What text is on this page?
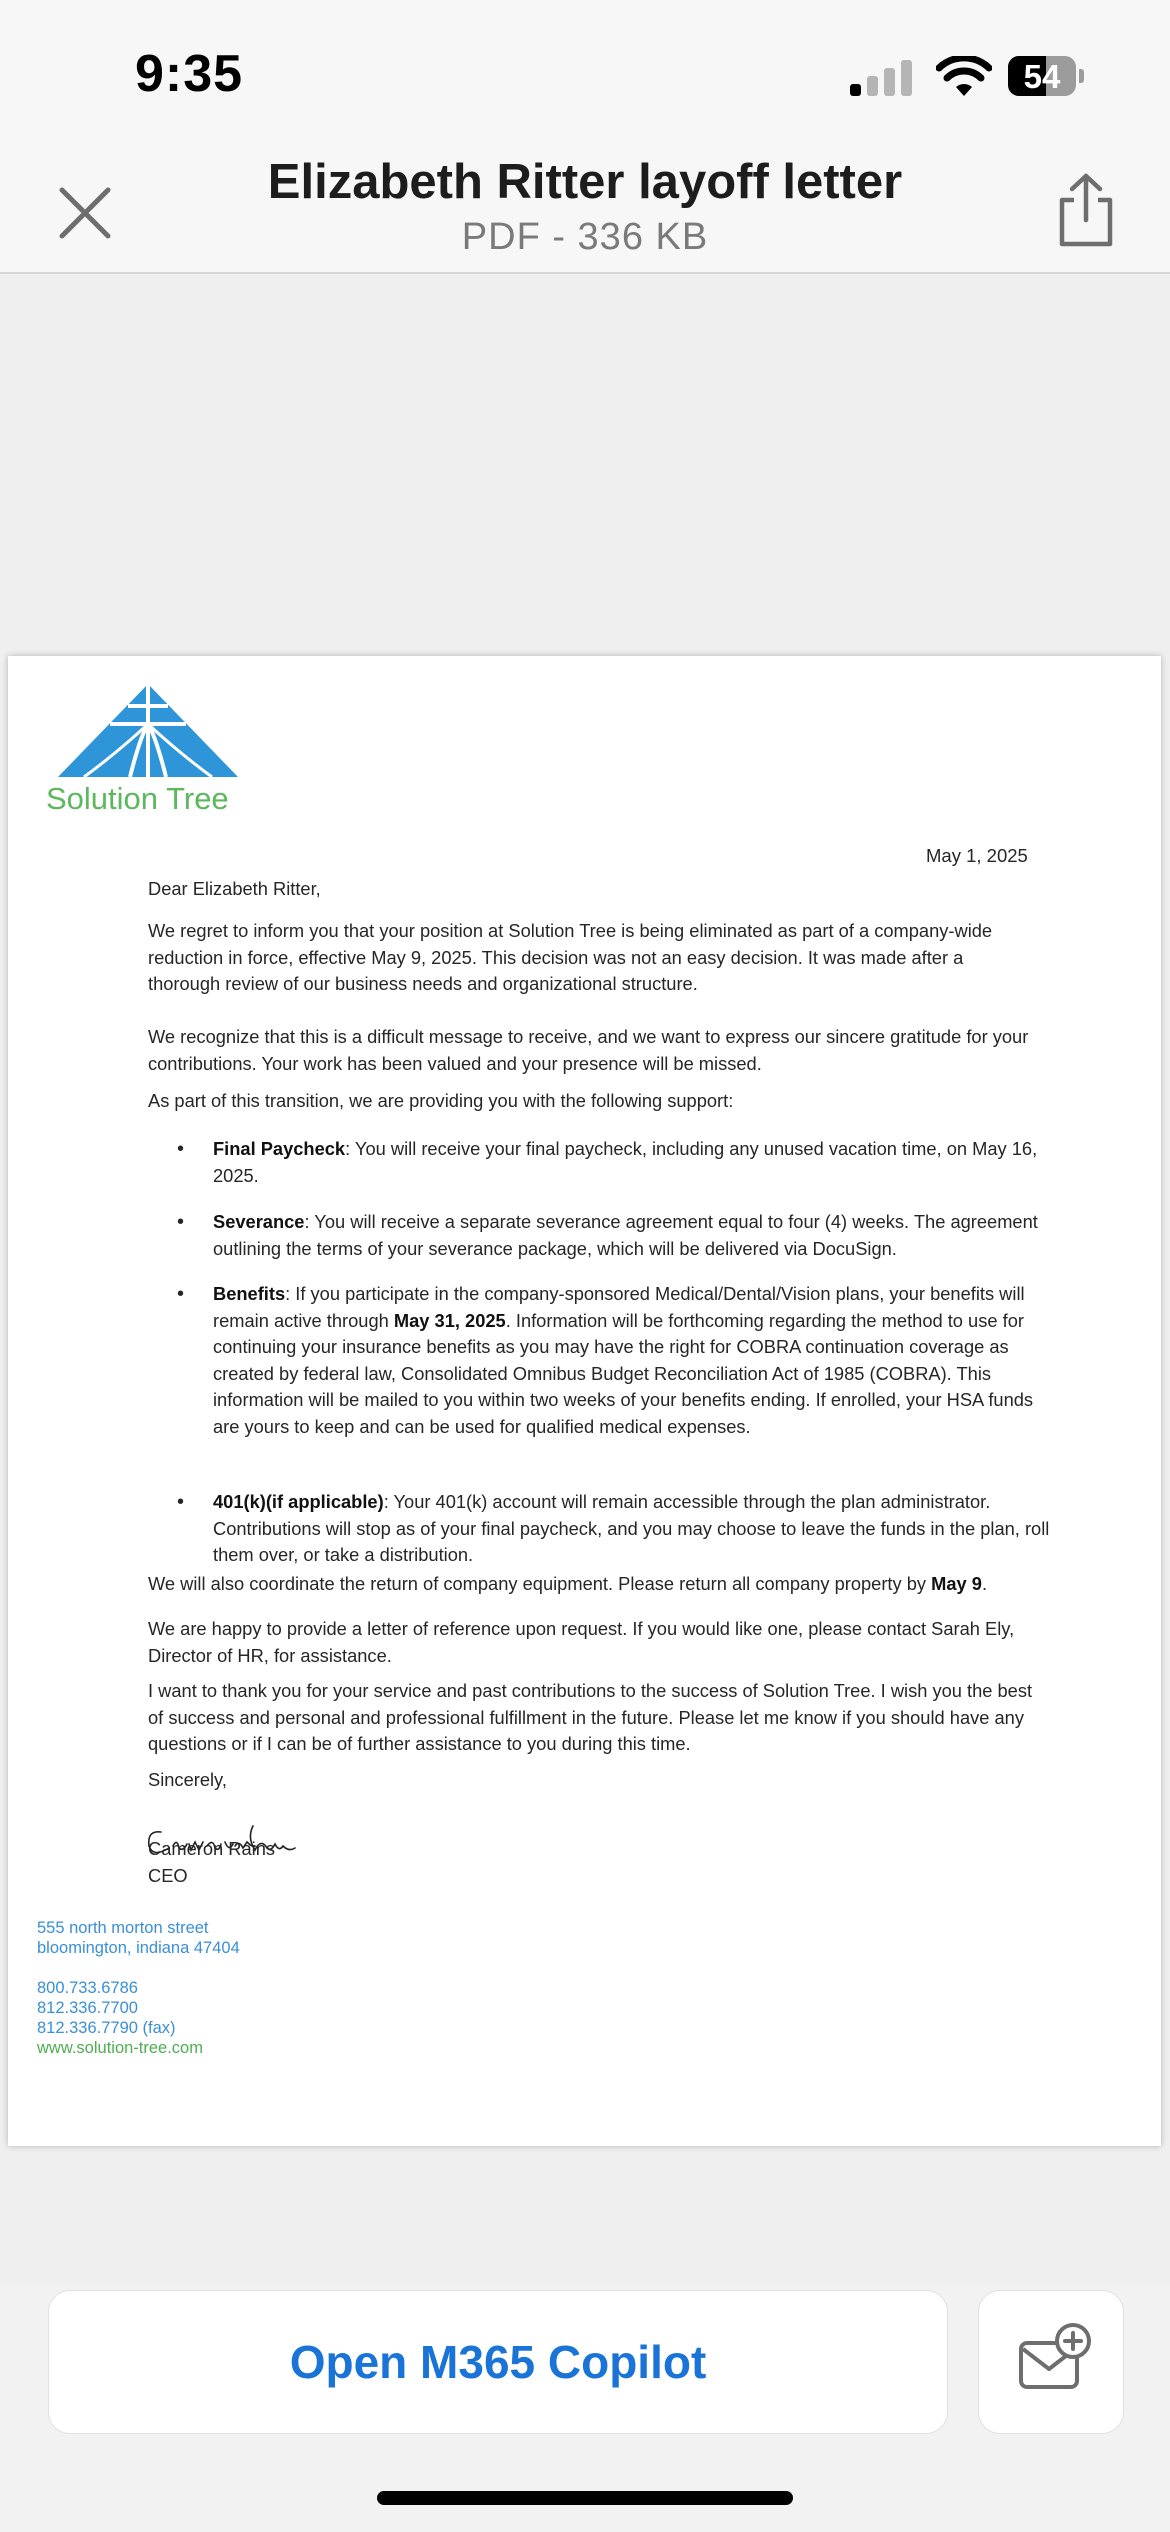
9:35	54
Elizabeth Ritter layoff letter
PDF - 336 KB
Solution Tree
May 1, 2025

Dear Elizabeth Ritter,

We regret to inform you that your position at Solution Tree is being eliminated as part of a company-wide reduction in force, effective May 9, 2025. This decision was not an easy decision. It was made after a thorough review of our business needs and organizational structure.

We recognize that this is a difficult message to receive, and we want to express our sincere gratitude for your contributions. Your work has been valued and your presence will be missed.

As part of this transition, we are providing you with the following support:

• Final Paycheck: You will receive your final paycheck, including any unused vacation time, on May 16, 2025.
• Severance: You will receive a separate severance agreement equal to four (4) weeks. The agreement outlining the terms of your severance package, which will be delivered via DocuSign.
• Benefits: If you participate in the company-sponsored Medical/Dental/Vision plans, your benefits will remain active through May 31, 2025. Information will be forthcoming regarding the method to use for continuing your insurance benefits as you may have the right for COBRA continuation coverage as created by federal law, Consolidated Omnibus Budget Reconciliation Act of 1985 (COBRA). This information will be mailed to you within two weeks of your benefits ending. If enrolled, your HSA funds are yours to keep and can be used for qualified medical expenses.
• 401(k)(if applicable): Your 401(k) account will remain accessible through the plan administrator. Contributions will stop as of your final paycheck, and you may choose to leave the funds in the plan, roll them over, or take a distribution.

We will also coordinate the return of company equipment. Please return all company property by May 9.

We are happy to provide a letter of reference upon request. If you would like one, please contact Sarah Ely, Director of HR, for assistance.

I want to thank you for your service and past contributions to the success of Solution Tree. I wish you the best of success and personal and professional fulfillment in the future. Please let me know if you should have any questions or if I can be of further assistance to you during this time.

Sincerely,

Cameron Rains

CEO

555 north morton street
bloomington, indiana 47404
800.733.6786
812.336.7700
812.336.7790 (fax)
www.solution-tree.com
Open M365 Copilot
